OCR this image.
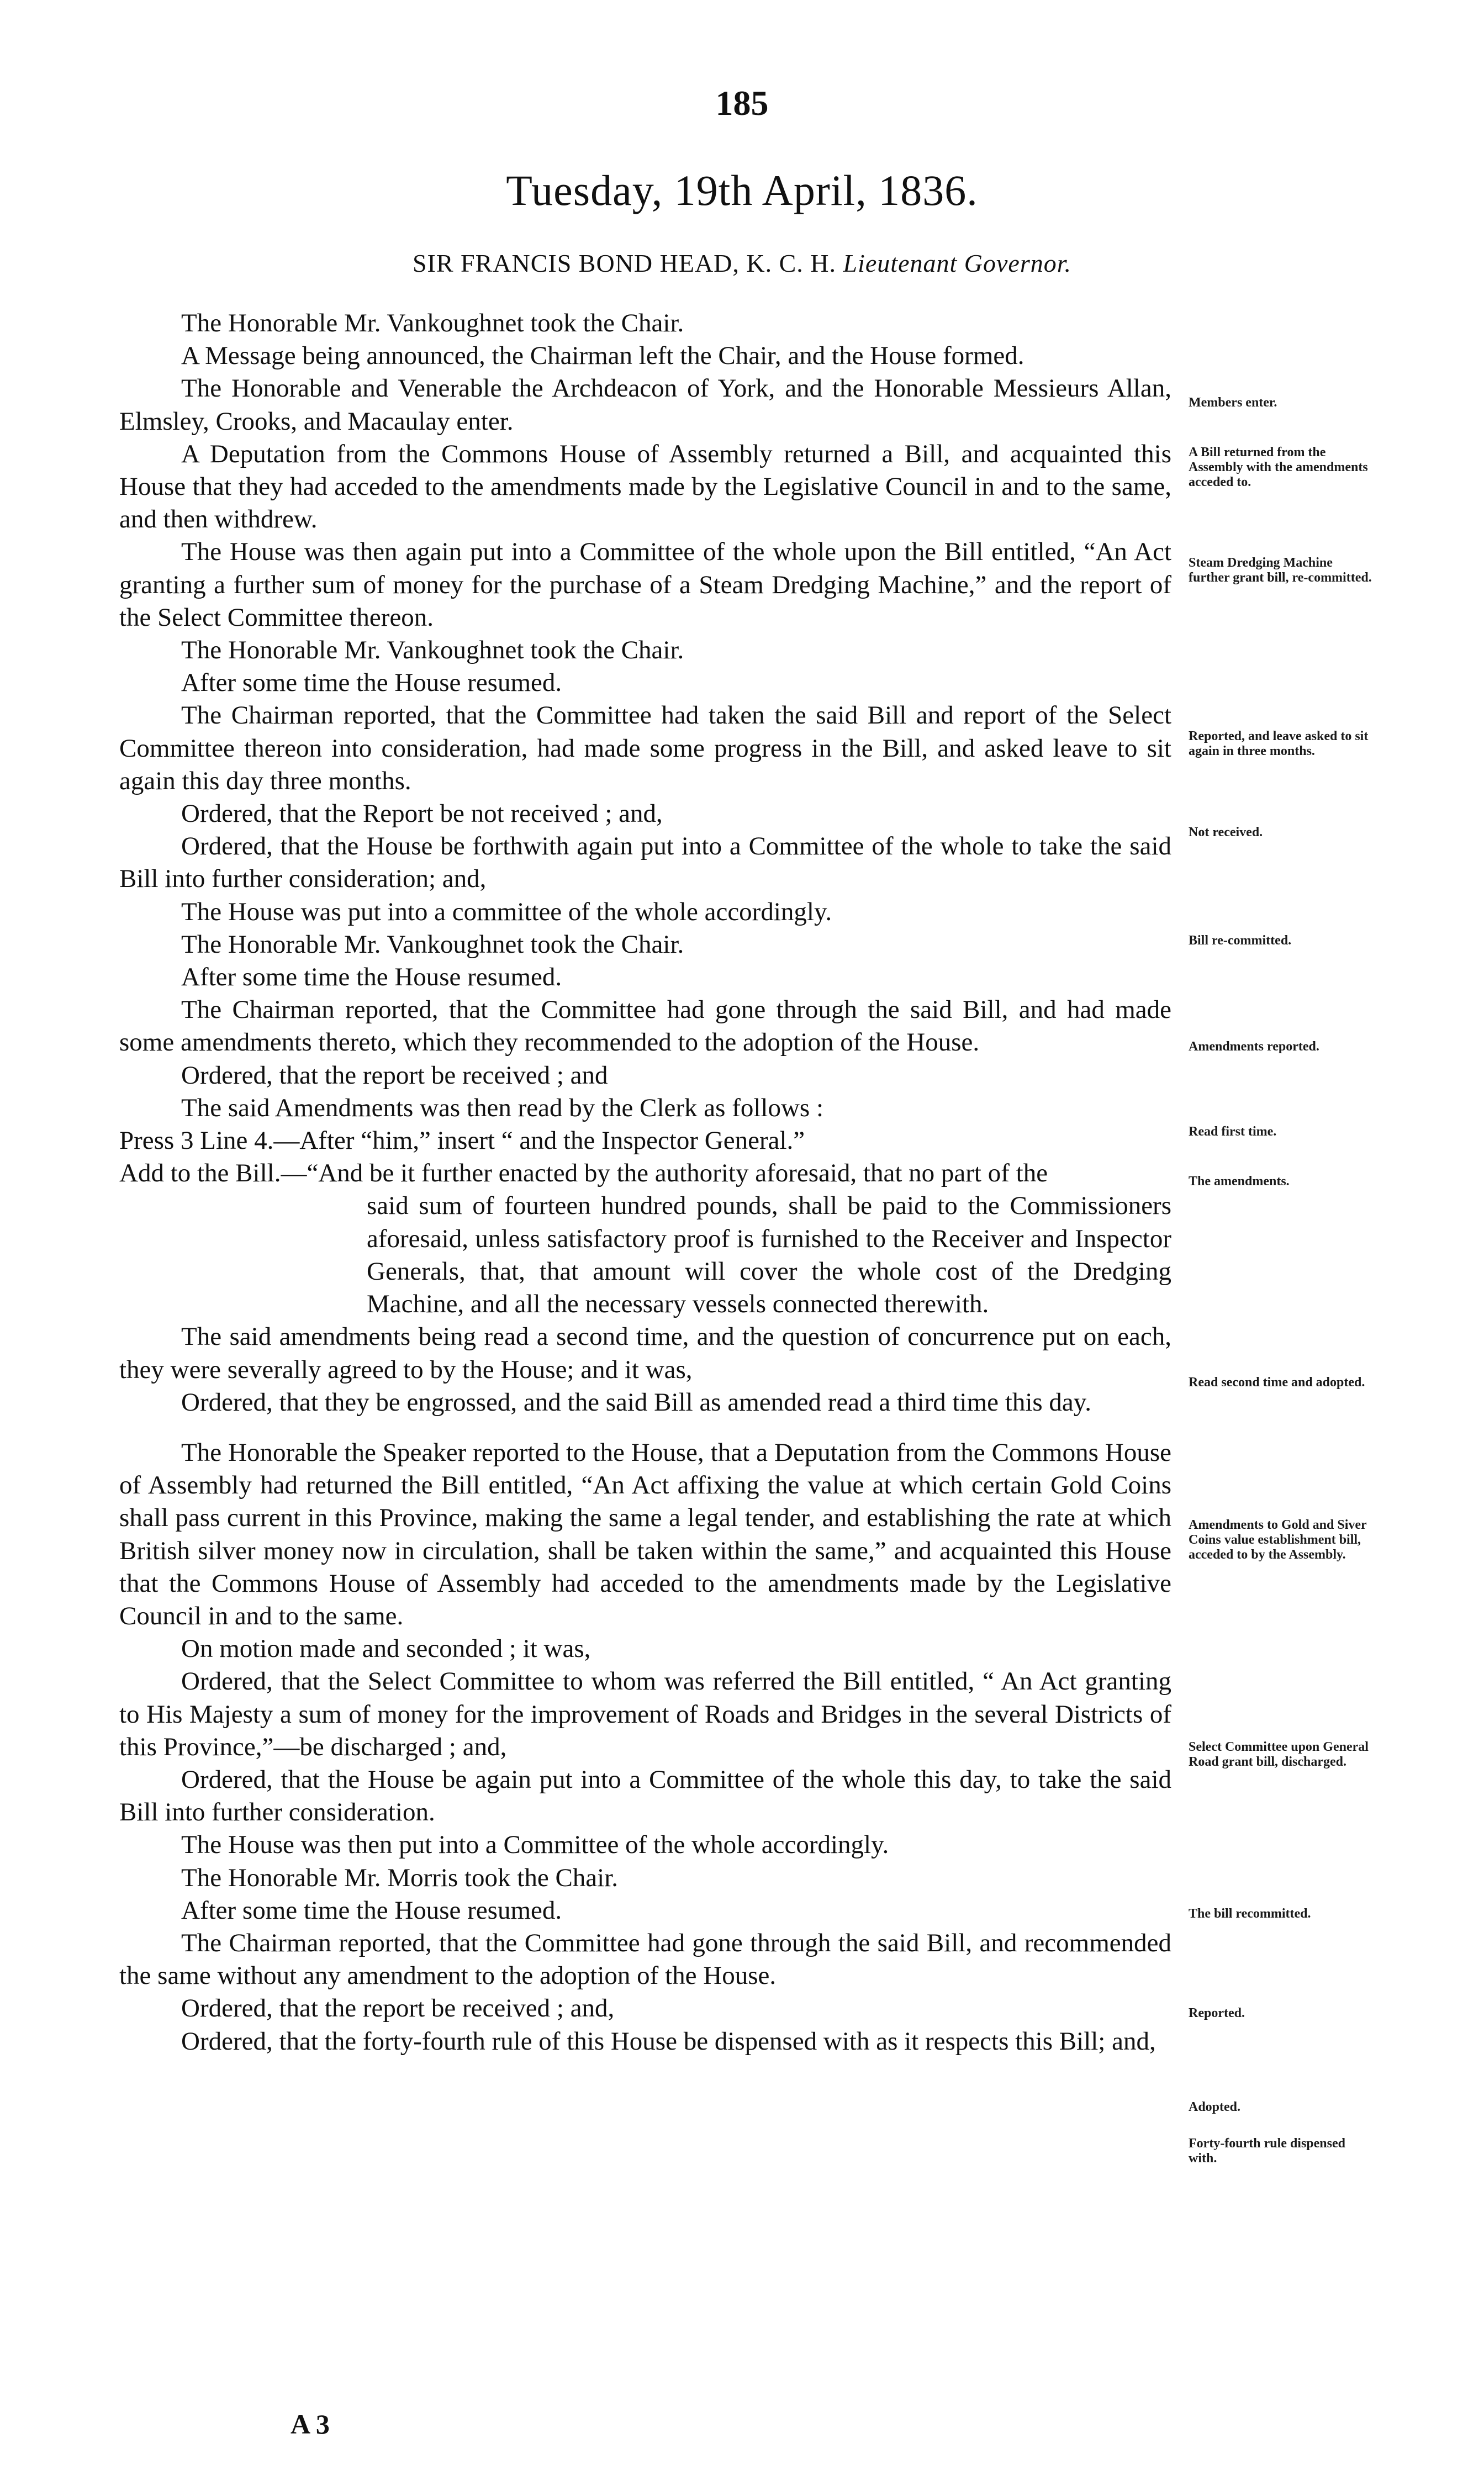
185
Tuesday, 19th April, 1836.
SIR FRANCIS BOND HEAD, K. C. H. Lieutenant Governor.

The Honorable Mr. Vankoughnet took the Chair.

A Message being announced, the Chairman left the Chair, and the House formed.

The Honorable and Venerable the Archdeacon of York, and the Honorable Messieurs Allan, Elmsley, Crooks, and Macaulay enter.

A Deputation from the Commons House of Assembly returned a Bill, and acquainted this House that they had acceded to the amendments made by the Legislative Council in and to the same, and then withdrew.

The House was then again put into a Committee of the whole upon the Bill entitled, “An Act granting a further sum of money for the purchase of a Steam Dredging Machine,” and the report of the Select Committee thereon.

The Honorable Mr. Vankoughnet took the Chair.

After some time the House resumed.

The Chairman reported, that the Committee had taken the said Bill and report of the Select Committee thereon into consideration, had made some progress in the Bill, and asked leave to sit again this day three months.

Ordered, that the Report be not received ; and,

Ordered, that the House be forthwith again put into a Committee of the whole to take the said Bill into further consideration; and,

The House was put into a committee of the whole accordingly.

The Honorable Mr. Vankoughnet took the Chair.

After some time the House resumed.

The Chairman reported, that the Committee had gone through the said Bill, and had made some amendments thereto, which they recommended to the adoption of the House.

Ordered, that the report be received ; and

The said Amendments was then read by the Clerk as follows :

Press 3 Line 4.—After “him,” insert “ and the Inspector General.”

Add to the Bill.—“And be it further enacted by the authority aforesaid, that no part of the

said sum of fourteen hundred pounds, shall be paid to the Commissioners aforesaid, unless satisfactory proof is furnished to the Receiver and Inspector Generals, that, that amount will cover the whole cost of the Dredging Machine, and all the necessary vessels connected therewith.

The said amendments being read a second time, and the question of concurrence put on each, they were severally agreed to by the House; and it was,

Ordered, that they be engrossed, and the said Bill as amended read a third time this day.

The Honorable the Speaker reported to the House, that a Deputation from the Commons House of Assembly had returned the Bill entitled, “An Act affixing the value at which certain Gold Coins shall pass current in this Province, making the same a legal tender, and establishing the rate at which British silver money now in circulation, shall be taken within the same,” and acquainted this House that the Commons House of Assembly had acceded to the amendments made by the Legislative Council in and to the same.

On motion made and seconded ; it was,

Ordered, that the Select Committee to whom was referred the Bill entitled, “ An Act granting to His Majesty a sum of money for the improvement of Roads and Bridges in the several Districts of this Province,”—be discharged ; and,

Ordered, that the House be again put into a Committee of the whole this day, to take the said Bill into further consideration.

The House was then put into a Committee of the whole accordingly.

The Honorable Mr. Morris took the Chair.

After some time the House resumed.

The Chairman reported, that the Committee had gone through the said Bill, and recommended the same without any amendment to the adoption of the House.

Ordered, that the report be received ; and,

Ordered, that the forty-fourth rule of this House be dispensed with as it respects this Bill; and,

Members enter.
A Bill returned from the Assembly with the amendments acceded to.
Steam Dredging Machine further grant bill, re-committed.
Reported, and leave asked to sit again in three months.
Not received.
Bill re-committed.
Amendments reported.
Read first time.
The amendments.
Read second time and adopted.
Amendments to Gold and Siver Coins value establishment bill, acceded to by the Assembly.
Select Committee upon General Road grant bill, discharged.
The bill recommitted.
Reported.
Adopted.
Forty-fourth rule dispensed with.
A 3
